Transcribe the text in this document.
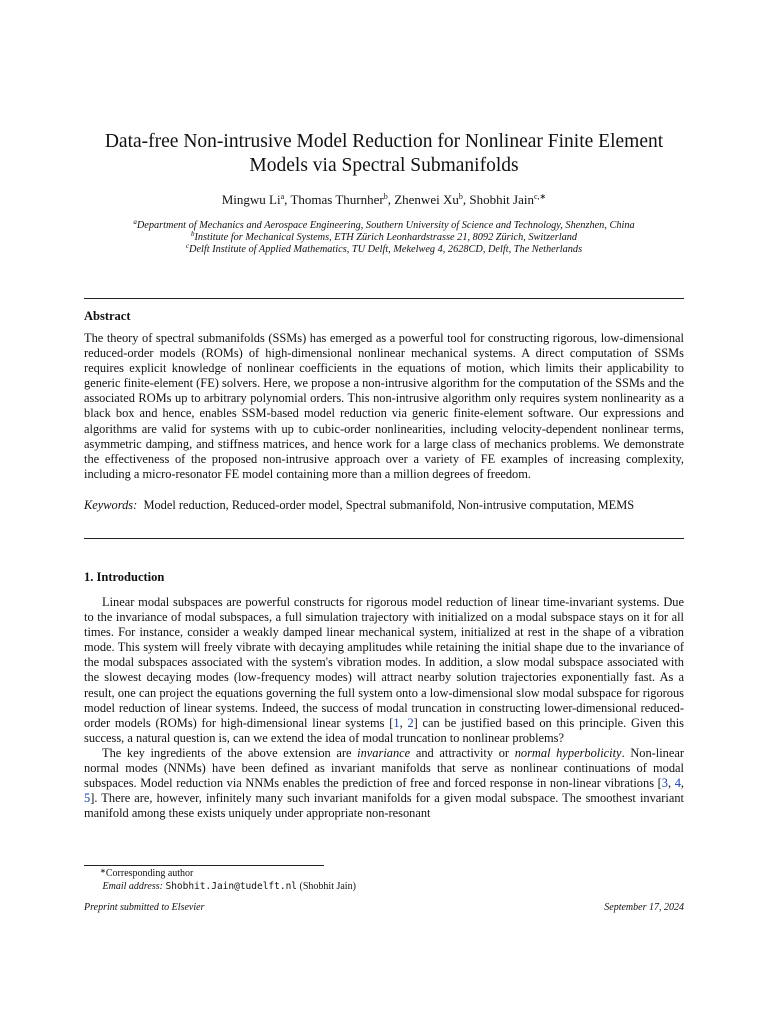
Data-free Non-intrusive Model Reduction for Nonlinear Finite Element Models via Spectral Submanifolds
Mingwu Li$^a$, Thomas Thurnher$^b$, Zhenwei Xu$^b$, Shobhit Jain$^{c,∗}$
$^a$Department of Mechanics and Aerospace Engineering, Southern University of Science and Technology, Shenzhen, China
$^b$Institute for Mechanical Systems, ETH Zürich Leonhardstrasse 21, 8092 Zürich, Switzerland
$^c$Delft Institute of Applied Mathematics, TU Delft, Mekelweg 4, 2628CD, Delft, The Netherlands
Abstract
The theory of spectral submanifolds (SSMs) has emerged as a powerful tool for constructing rigorous, low-dimensional reduced-order models (ROMs) of high-dimensional nonlinear mechanical systems. A direct computation of SSMs requires explicit knowledge of nonlinear coefficients in the equations of motion, which limits their applicability to generic finite-element (FE) solvers. Here, we propose a non-intrusive algorithm for the computation of the SSMs and the associated ROMs up to arbitrary polynomial orders. This non-intrusive algorithm only requires system nonlinearity as a black box and hence, enables SSM-based model reduction via generic finite-element software. Our expressions and algorithms are valid for systems with up to cubic-order nonlinearities, including velocity-dependent nonlinear terms, asymmetric damping, and stiffness matrices, and hence work for a large class of mechanics problems. We demonstrate the effectiveness of the proposed non-intrusive approach over a variety of FE examples of increasing complexity, including a micro-resonator FE model containing more than a million degrees of freedom.
Keywords: Model reduction, Reduced-order model, Spectral submanifold, Non-intrusive computation, MEMS
1. Introduction

Linear modal subspaces are powerful constructs for rigorous model reduction of linear time-invariant systems. Due to the invariance of modal subspaces, a full simulation trajectory with initialized on a modal subspace stays on it for all times. For instance, consider a weakly damped linear mechanical system, initialized at rest in the shape of a vibration mode. This system will freely vibrate with decaying amplitudes while retaining the initial shape due to the invariance of the modal subspaces associated with the system's vibration modes. In addition, a slow modal subspace associated with the slowest decaying modes (low-frequency modes) will attract nearby solution trajectories exponentially fast. As a result, one can project the equations governing the full system onto a low-dimensional slow modal subspace for rigorous model reduction of linear systems. Indeed, the success of modal truncation in constructing lower-dimensional reduced-order models (ROMs) for high-dimensional linear systems [1, 2] can be justified based on this principle. Given this success, a natural question is, can we extend the idea of modal truncation to nonlinear problems?

The key ingredients of the above extension are invariance and attractivity or normal hyperbolicity. Non-linear normal modes (NNMs) have been defined as invariant manifolds that serve as nonlinear continuations of modal subspaces. Model reduction via NNMs enables the prediction of free and forced response in non-linear vibrations [3, 4, 5]. There are, however, infinitely many such invariant manifolds for a given modal subspace. The smoothest invariant manifold among these exists uniquely under appropriate non-resonant

∗Corresponding author
Email address: Shobhit.Jain@tudelft.nl (Shobhit Jain)
Preprint submitted to Elsevier	September 17, 2024
